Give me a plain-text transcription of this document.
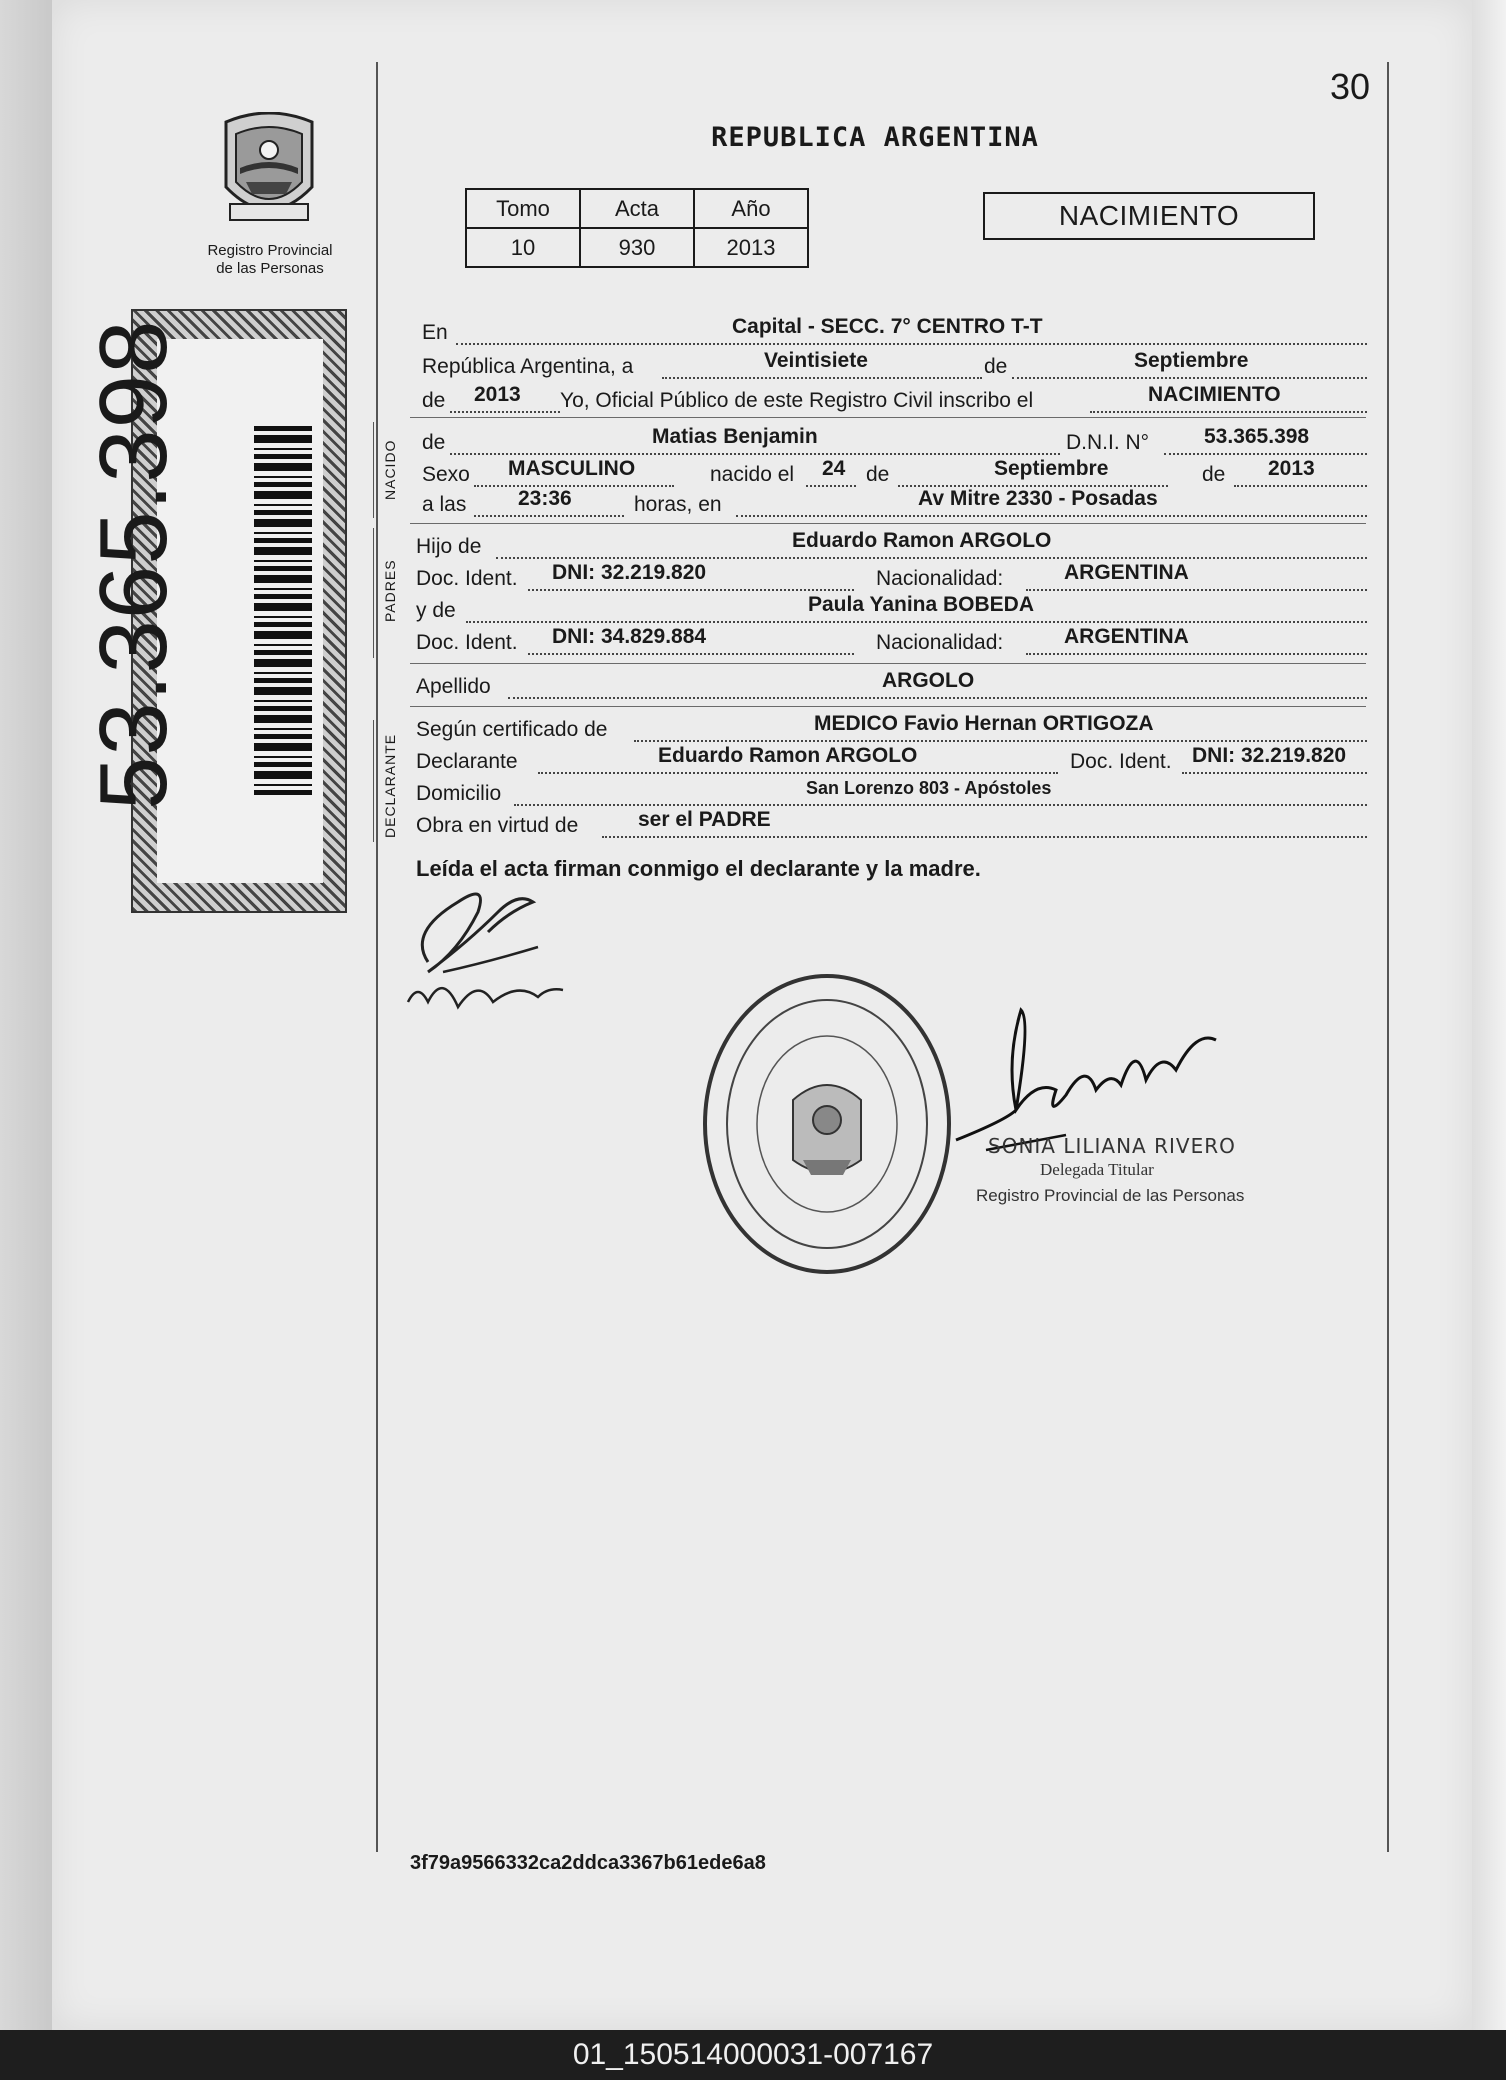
30
REPUBLICA ARGENTINA
Registro Provincial
de las Personas
Tomo	Acta	Año
10	930	2013
NACIMIENTO
53.365.398	NACIDO
PADRES
DECLARANTE
En	Capital - SECC. 7° CENTRO T-T
República Argentina, a	Veintisiete	de	Septiembre
de 2013 Yo, Oficial Público de este Registro Civil inscribo el	NACIMIENTO
de	Matias Benjamin	D.N.I. N°	53.365.398
Sexo MASCULINO	nacido el 24 de	Septiembre	de 2013
a las 23:36	horas, en	Av Mitre 2330 - Posadas
Hijo de	Eduardo Ramon ARGOLO
Doc. Ident. DNI: 32.219.820	Nacionalidad:	ARGENTINA
y de	Paula Yanina BOBEDA
Doc. Ident. DNI: 34.829.884	Nacionalidad:	ARGENTINA
Apellido	ARGOLO
Según certificado de	MEDICO Favio Hernan ORTIGOZA
Declarante	Eduardo Ramon ARGOLO	Doc. Ident. DNI: 32.219.820
Domicilio	San Lorenzo 803 - Apóstoles
Obra en virtud de	ser el PADRE
Leída el acta firman conmigo el declarante y la madre.
SONIA LILIANA RIVERO
Delegada Titular
Registro Provincial de las Personas
3f79a9566332ca2ddca3367b61ede6a8
01_150514000031-007167
